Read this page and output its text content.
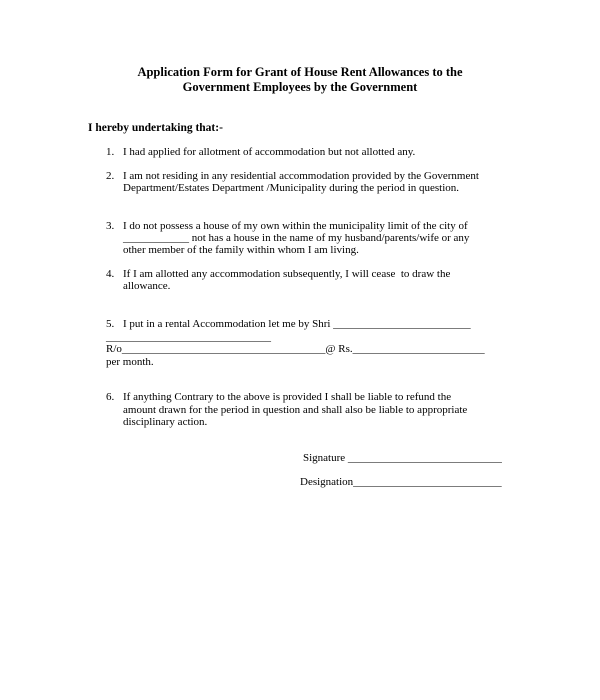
Application Form for Grant of House Rent Allowances to the
Government Employees by the Government
I hereby undertaking that:-
1. I had applied for allotment of accommodation but not allotted any.
2. I am not residing in any residential accommodation provided by the Government
Department/Estates Department /Municipality during the period in question.
3. I do not possess a house of my own within the municipality limit of the city of
____________ not has a house in the name of my husband/parents/wife or any
other member of the family within whom I am living.
4. If I am allotted any accommodation subsequently, I will cease  to draw the
allowance.
5. I put in a rental Accommodation let me by Shri _________________________
______________________________
R/o_____________________________________@ Rs.________________________
per month.
6. If anything Contrary to the above is provided I shall be liable to refund the
amount drawn for the period in question and shall also be liable to appropriate
disciplinary action.
Signature ____________________________
Designation___________________________
